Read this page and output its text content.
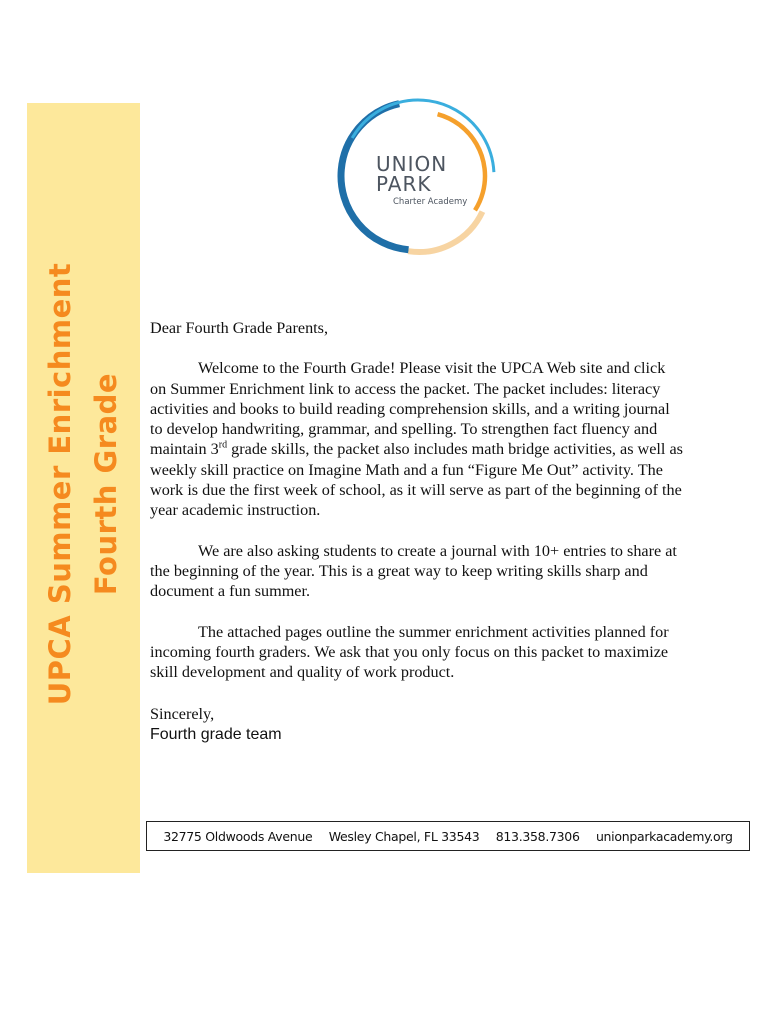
UPCA Summer Enrichment Fourth Grade
UNION
PARK
Charter Academy

Dear Fourth Grade Parents,

Welcome to the Fourth Grade! Please visit the UPCA Web site and click on Summer Enrichment link to access the packet. The packet includes: literacy activities and books to build reading comprehension skills, and a writing journal to develop handwriting, grammar, and spelling. To strengthen fact fluency and maintain 3rd grade skills, the packet also includes math bridge activities, as well as weekly skill practice on Imagine Math and a fun “Figure Me Out” activity. The work is due the first week of school, as it will serve as part of the beginning of the year academic instruction.

We are also asking students to create a journal with 10+ entries to share at the beginning of the year. This is a great way to keep writing skills sharp and document a fun summer.

The attached pages outline the summer enrichment activities planned for incoming fourth graders. We ask that you only focus on this packet to maximize skill development and quality of work product.

Sincerely,

Fourth grade team

32775 Oldwoods Avenue Wesley Chapel, FL 33543 813.358.7306 unionparkacademy.org
